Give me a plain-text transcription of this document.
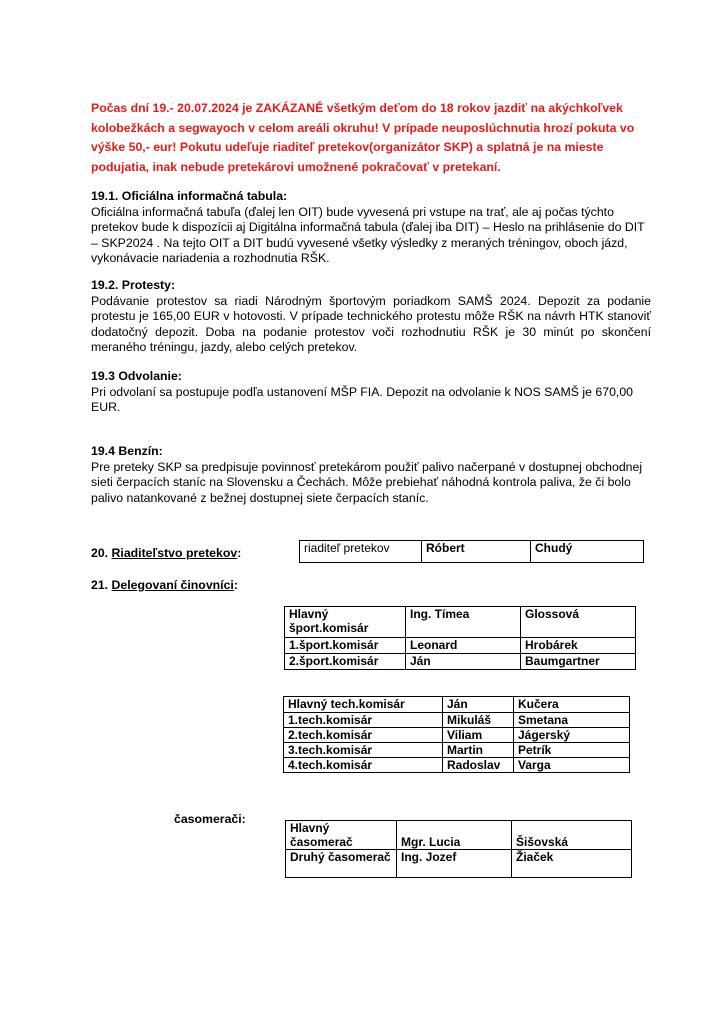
Počas dní 19.- 20.07.2024 je ZAKÁZANÉ všetkým deťom do 18 rokov jazdiť na akýchkoľvek kolobežkách a segwayoch v celom areáli okruhu! V prípade neuposlúchnutia hrozí pokuta vo výške 50,- eur! Pokutu udeľuje riaditeľ pretekov(organizátor SKP) a splatná je na mieste podujatia, inak nebude pretekárovi umožnené pokračovať v pretekaní.

19.1. Oficiálna informačná tabula:

Oficiálna informačná tabuľa (ďalej len OIT) bude vyvesená pri vstupe na trať, ale aj počas týchto pretekov bude k dispozícii aj Digitálna informačná tabula (ďalej iba DIT) – Heslo na prihlásenie do DIT – SKP2024 . Na tejto OIT a DIT budú vyvesené všetky výsledky z meraných tréningov, oboch jázd, vykonávacie nariadenia a rozhodnutia RŠK.

19.2. Protesty:

Podávanie protestov sa riadi Národným športovým poriadkom SAMŠ 2024. Depozit za podanie protestu je 165,00 EUR v hotovosti. V prípade technického protestu môže RŠK na návrh HTK stanoviť dodatočný depozit. Doba na podanie protestov voči rozhodnutiu RŠK je 30 minút po skončení meraného tréningu, jazdy, alebo celých pretekov.

19.3 Odvolanie:

Pri odvolaní sa postupuje podľa ustanovení MŠP FIA. Depozit na odvolanie k NOS SAMŠ je 670,00 EUR.

19.4 Benzín:

Pre preteky SKP sa predpisuje povinnosť pretekárom použiť palivo načerpané v dostupnej obchodnej sieti čerpacích staníc na Slovensku a Čechách. Môže prebiehať náhodná kontrola paliva, že či bolo palivo natankované z bežnej dostupnej siete čerpacích staníc.

20. Riaditeľstvo pretekov:	riaditeľ pretekov	Róbert	Chudý
21. Delegovaní činovníci:
Hlavný šport.komisár	Ing. Tímea	Glossová
1.šport.komisár	Leonard	Hrobárek
2.šport.komisár	Ján	Baumgartner
Hlavný tech.komisár	Ján	Kučera
1.tech.komisár	Mikuláš	Smetana
2.tech.komisár	Viliam	Jágerský
3.tech.komisár	Martin	Petrík
4.tech.komisár	Radoslav	Varga
časomerači:
Hlavný časomerač	Mgr. Lucia	Šišovská
Druhý časomerač	Ing. Jozef	Žiaček
